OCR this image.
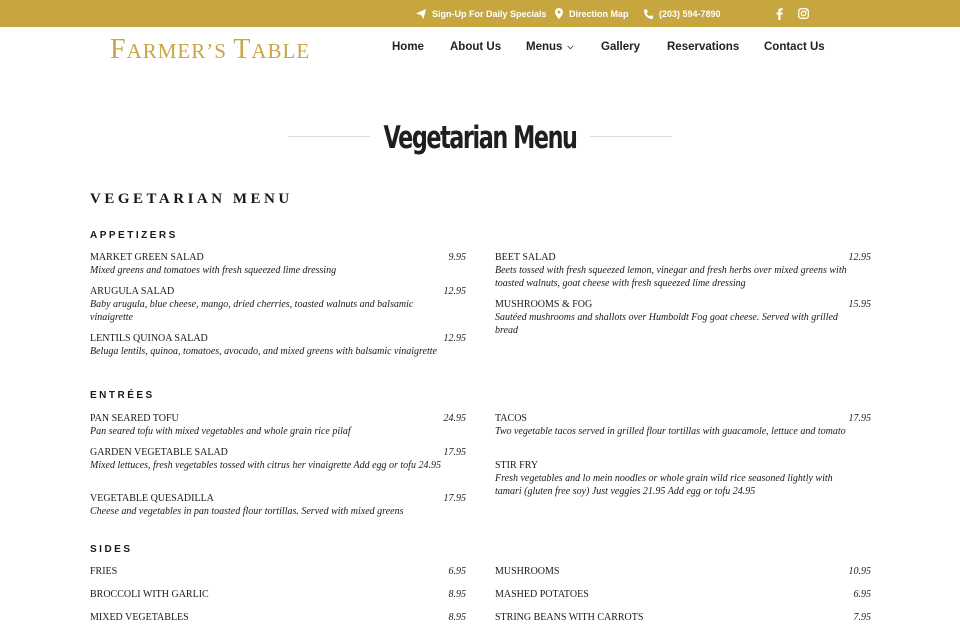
Sign-Up For Daily Specials Direction Map	(203) 594-7890
FARMER’S TABLE	Home About Us Menus ⌵ Gallery Reservations Contact Us
Vegetarian Menu
VEGETARIAN MENU
APPETIZERS
MARKET GREEN SALAD	9.95
Mixed greens and tomatoes with fresh squeezed lime dressing
ARUGULA SALAD	12.95
Baby arugula, blue cheese, mango, dried cherries, toasted walnuts and balsamic vinaigrette
LENTILS QUINOA SALAD	12.95
Beluga lentils, quinoa, tomatoes, avocado, and mixed greens with balsamic vinaigrette
BEET SALAD	12.95
Beets tossed with fresh squeezed lemon, vinegar and fresh herbs over mixed greens with toasted walnuts, goat cheese with fresh squeezed lime dressing
MUSHROOMS & FOG	15.95
Sautéed mushrooms and shallots over Humboldt Fog goat cheese. Served with grilled bread
ENTRÉES
PAN SEARED TOFU	24.95
Pan seared tofu with mixed vegetables and whole grain rice pilaf
GARDEN VEGETABLE SALAD	17.95
Mixed lettuces, fresh vegetables tossed with citrus her vinaigrette Add egg or tofu 24.95
VEGETABLE QUESADILLA	17.95
Cheese and vegetables in pan toasted flour tortillas. Served with mixed greens
TACOS	17.95
Two vegetable tacos served in grilled flour tortillas with guacamole, lettuce and tomato
STIR FRY
Fresh vegetables and lo mein noodles or whole grain wild rice seasoned lightly with tamari (gluten free soy) Just veggies 21.95 Add egg or tofu 24.95
SIDES
FRIES	6.95
BROCCOLI WITH GARLIC	8.95
MIXED VEGETABLES	8.95
MUSHROOMS	10.95
MASHED POTATOES	6.95
STRING BEANS WITH CARROTS	7.95
